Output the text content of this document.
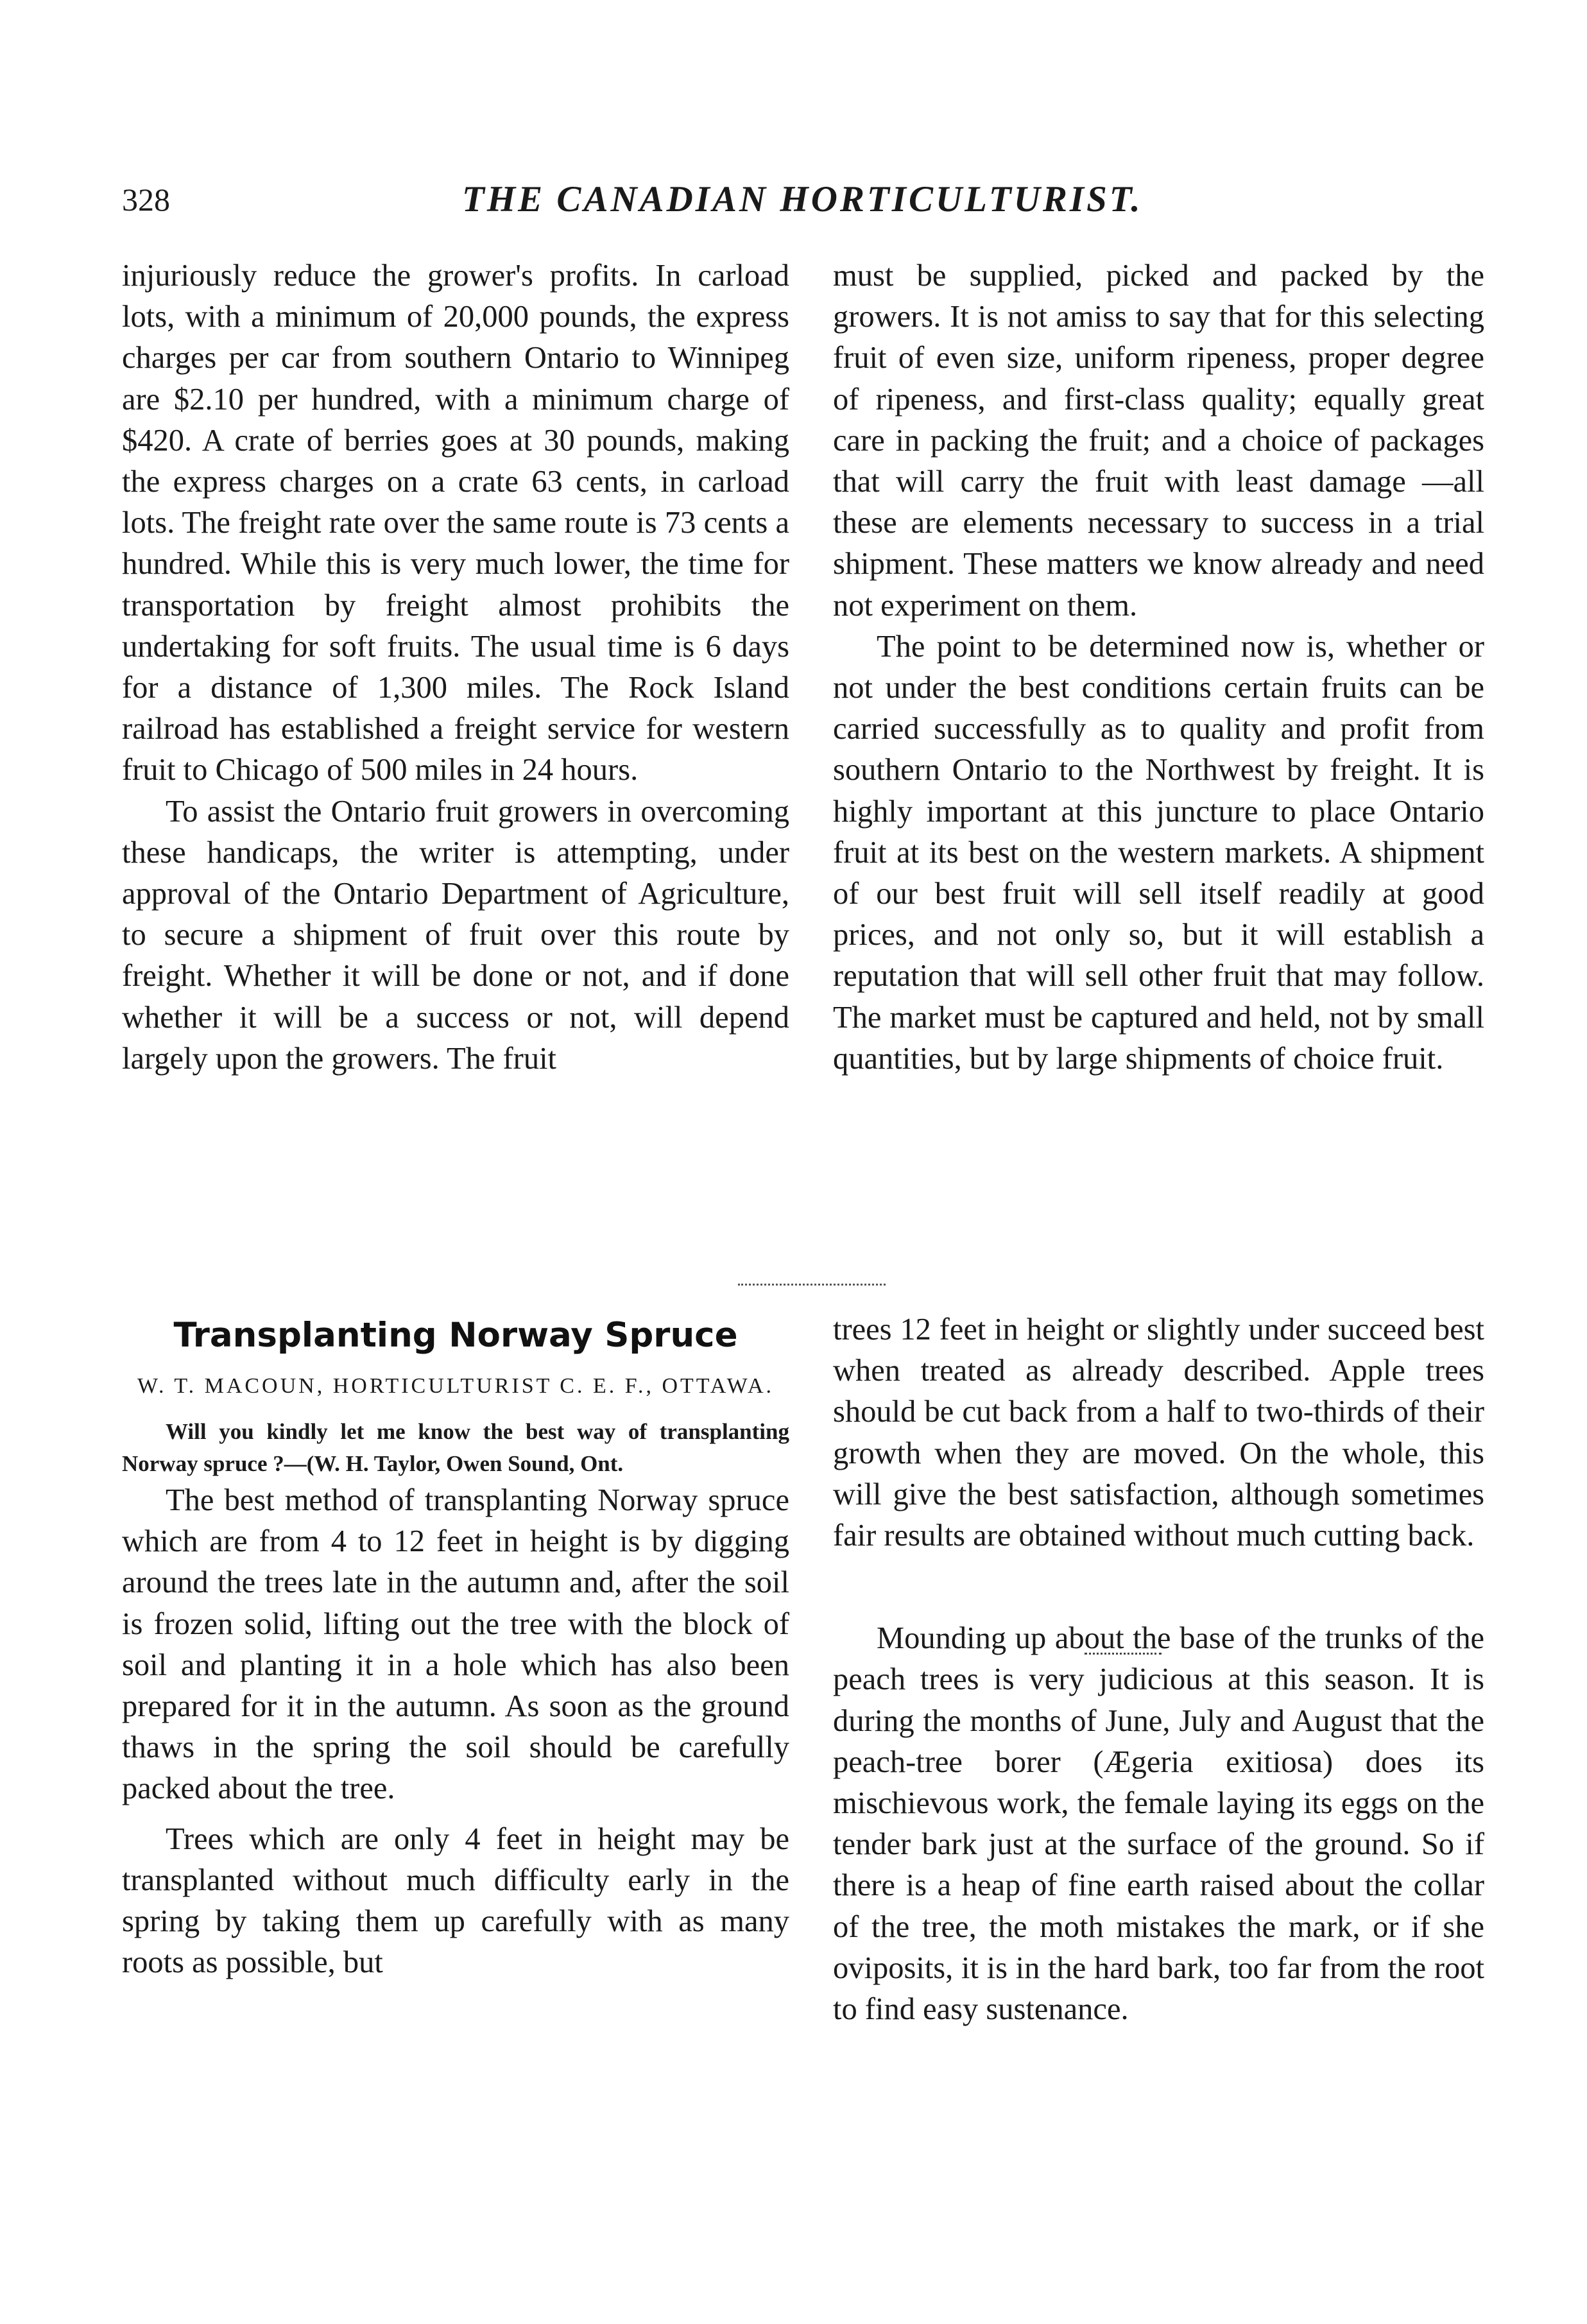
328	THE CANADIAN HORTICULTURIST.

injuriously reduce the grower's profits. In carload lots, with a minimum of 20,000 pounds, the express charges per car from southern Ontario to Winnipeg are $2.10 per hundred, with a minimum charge of $420. A crate of berries goes at 30 pounds, making the express charges on a crate 63 cents, in carload lots. The freight rate over the same route is 73 cents a hundred. While this is very much lower, the time for transportation by freight almost prohibits the undertaking for soft fruits. The usual time is 6 days for a distance of 1,300 miles. The Rock Island railroad has established a freight service for western fruit to Chicago of 500 miles in 24 hours.

To assist the Ontario fruit growers in overcoming these handicaps, the writer is attempting, under approval of the Ontario Department of Agriculture, to secure a shipment of fruit over this route by freight. Whether it will be done or not, and if done whether it will be a success or not, will depend largely upon the growers. The fruit

must be supplied, picked and packed by the growers. It is not amiss to say that for this selecting fruit of even size, uniform ripeness, proper degree of ripeness, and first-class quality; equally great care in packing the fruit; and a choice of packages that will carry the fruit with least damage —all these are elements necessary to success in a trial shipment. These matters we know already and need not experiment on them.

The point to be determined now is, whether or not under the best conditions certain fruits can be carried successfully as to quality and profit from southern Ontario to the Northwest by freight. It is highly important at this juncture to place Ontario fruit at its best on the western markets. A shipment of our best fruit will sell itself readily at good prices, and not only so, but it will establish a reputation that will sell other fruit that may follow. The market must be captured and held, not by small quantities, but by large shipments of choice fruit.

Transplanting Norway Spruce
W. T. MACOUN, HORTICULTURIST C. E. F., OTTAWA.

Will you kindly let me know the best way of transplanting Norway spruce ?—(W. H. Taylor, Owen Sound, Ont.

The best method of transplanting Norway spruce which are from 4 to 12 feet in height is by digging around the trees late in the autumn and, after the soil is frozen solid, lifting out the tree with the block of soil and planting it in a hole which has also been prepared for it in the autumn. As soon as the ground thaws in the spring the soil should be carefully packed about the tree.

Trees which are only 4 feet in height may be transplanted without much difficulty early in the spring by taking them up carefully with as many roots as possible, but

trees 12 feet in height or slightly under succeed best when treated as already described. Apple trees should be cut back from a half to two-thirds of their growth when they are moved. On the whole, this will give the best satisfaction, although sometimes fair results are obtained without much cutting back.

Mounding up about the base of the trunks of the peach trees is very judicious at this season. It is during the months of June, July and August that the peach-tree borer (Ægeria exitiosa) does its mischievous work, the female laying its eggs on the tender bark just at the surface of the ground. So if there is a heap of fine earth raised about the collar of the tree, the moth mistakes the mark, or if she oviposits, it is in the hard bark, too far from the root to find easy sustenance.
